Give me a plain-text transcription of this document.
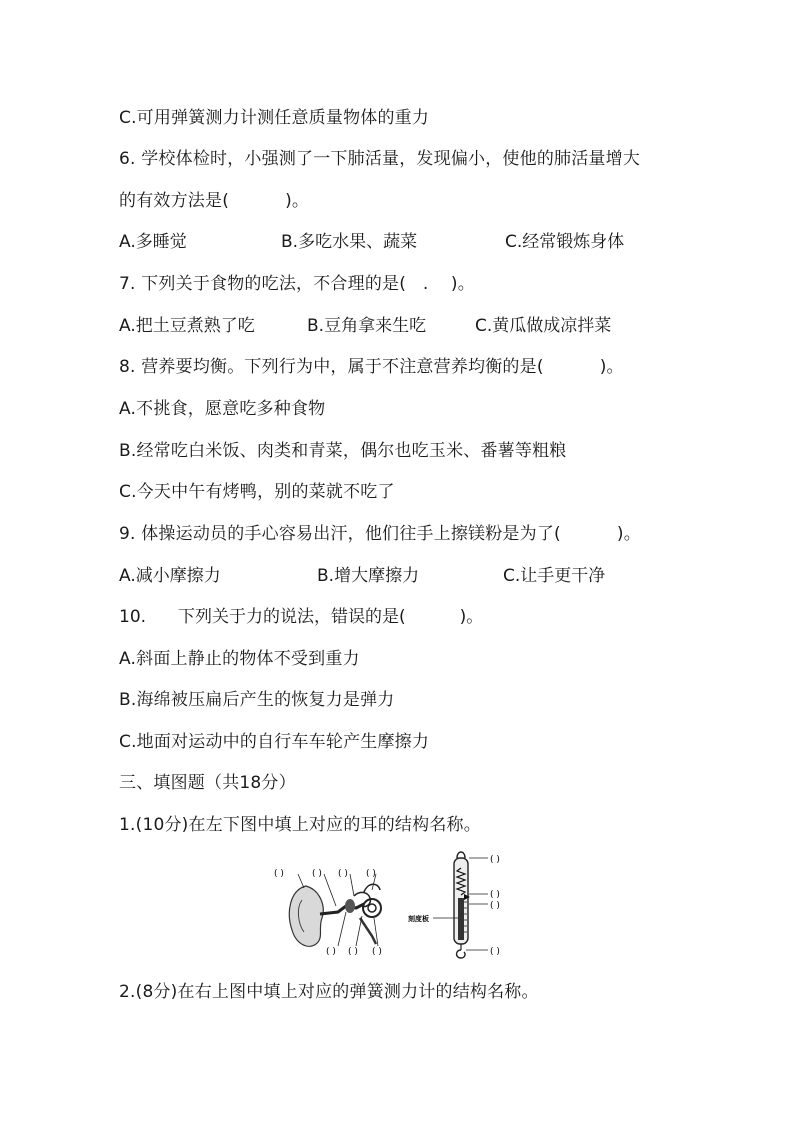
C.可用弹簧测力计测任意质量物体的重力
6. 学校体检时，小强测了一下肺活量，发现偏小，使他的肺活量增大
的有效方法是(          )。
A.多睡觉	B.多吃水果、蔬菜	C.经常锻炼身体
7. 下列关于食物的吃法，不合理的是(   .    )。
A.把土豆煮熟了吃	B.豆角拿来生吃	C.黄瓜做成凉拌菜
8. 营养要均衡。下列行为中，属于不注意营养均衡的是(          )。
A.不挑食，愿意吃多种食物
B.经常吃白米饭、肉类和青菜，偶尔也吃玉米、番薯等粗粮
C.今天中午有烤鸭，别的菜就不吃了
9. 体操运动员的手心容易出汗，他们往手上擦镁粉是为了(          )。
A.减小摩擦力	B.增大摩擦力	C.让手更干净
10. 下列关于力的说法，错误的是(          )。
A.斜面上静止的物体不受到重力
B.海绵被压扁后产生的恢复力是弹力
C.地面对运动中的自行车车轮产生摩擦力
三、填图题（共18分）
1.(10分)在左下图中填上对应的耳的结构名称。
( )	( ) ( ) ( )
( ) ( ) ( )
( )
( )
( )
( )
刻度板
2.(8分)在右上图中填上对应的弹簧测力计的结构名称。
